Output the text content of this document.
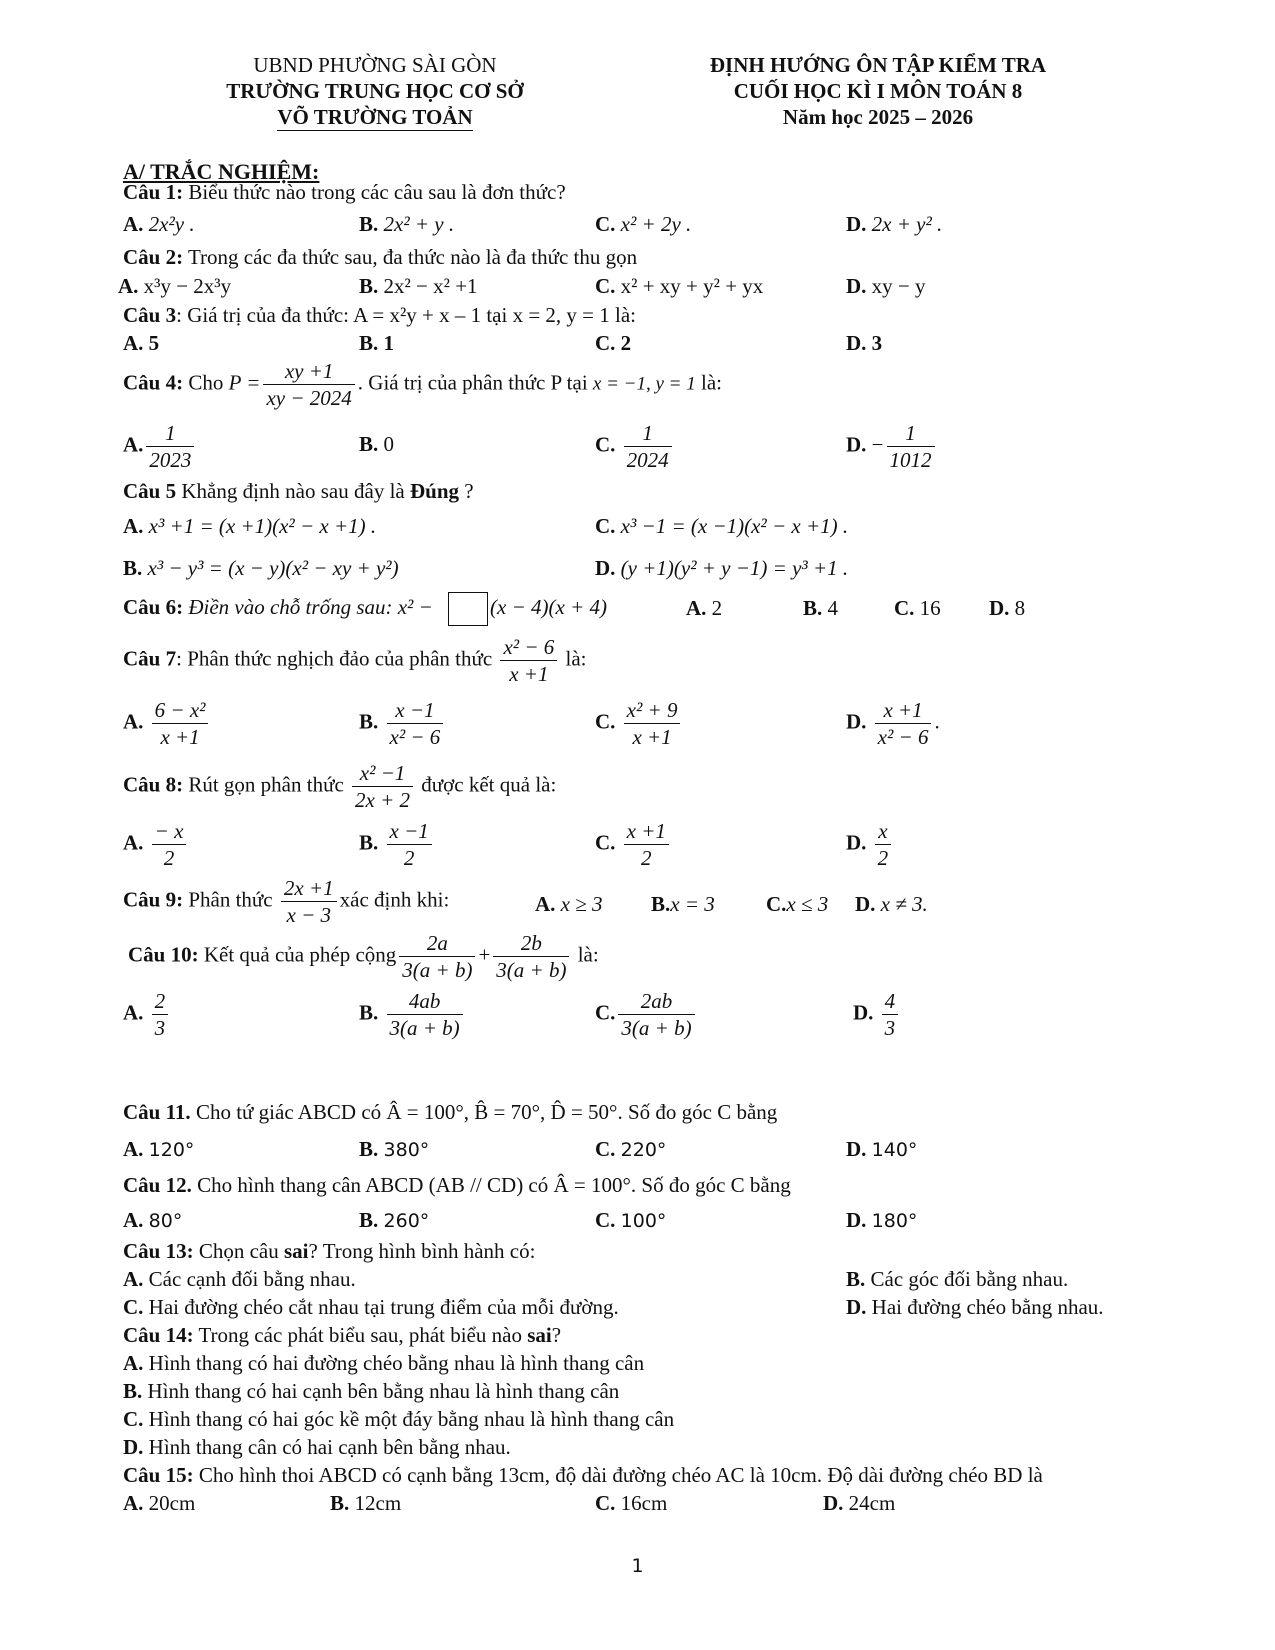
UBND PHƯỜNG SÀI GÒN
TRƯỜNG TRUNG HỌC CƠ SỞ
VÕ TRƯỜNG TOẢN
ĐỊNH HƯỚNG ÔN TẬP KIỂM TRA
CUỐI HỌC KÌ I MÔN TOÁN 8
Năm học 2025 – 2026
A/ TRẮC NGHIỆM:
Câu 1: Biểu thức nào trong các câu sau là đơn thức?
A. 2x²y .	B. 2x² + y .	C. x² + 2y .	D. 2x + y² .
Câu 2: Trong các đa thức sau, đa thức nào là đa thức thu gọn
A. x³y − 2x³y	B. 2x² − x² +1	C. x² + xy + y² + yx	D. xy − y
Câu 3: Giá trị của đa thức: A = x²y + x – 1 tại x = 2, y = 1 là:
A. 5	B. 1	C. 2	D. 3
Câu 4: Cho $P = \frac{xy +1}{xy - 2024}$ . Giá trị của phân thức P tại x = −1, y = 1 là:
A. $\frac{1}{2023}$	B. 0	C. $\frac{1}{2024}$	D. − $\frac{1}{1012}$
Câu 5 Khẳng định nào sau đây là Đúng ?
A. x³ +1 = (x +1)(x² − x +1) .	C. x³ −1 = (x −1)(x² − x +1) .
B. x³ − y³ = (x − y)(x² − xy + y²)	D. (y +1)(y² + y −1) = y³ +1 .
Câu 6: Điền vào chỗ trống sau: x² − (x − 4)(x + 4)	A. 2	B. 4	C. 16 D. 8
Câu 7: Phân thức nghịch đảo của phân thức $\frac{\text{x² − 6}}{x +1}$ là:
A. $\frac{\text{6 − x²}}{x +1}$	B. $\frac{x -1}{\text{x² − 6}}$	C. $\frac{\text{x² + 9}}{x +1}$	D. $\frac{x +1}{\text{x² − 6}}$ .
Câu 8: Rút gọn phân thức $\frac{\text{x² −1}}{2x + 2}$ được kết quả là:
A. $\frac{- x}{2}$	B. $\frac{x -1}{2}$	C. $\frac{x +1}{2}$	D. $\frac{x}{2}$
Câu 9: Phân thức $\frac{2x +1}{x - 3}$ xác định khi:	A. x ≥ 3 B.x = 3 C.x ≤ 3 D. x ≠ 3.
Câu 10: Kết quả của phép cộng $\frac{2a}{3(a + b)} + \frac{2b}{3(a + b)}$ là:
A. $\frac{2}{3}$	B. $\frac{4ab}{3(a + b)}$	C. $\frac{2ab}{3(a + b)}$	D. $\frac{4}{3}$
Câu 11. Cho tứ giác ABCD có Â = 100°, B̂ = 70°, D̂ = 50°. Số đo góc C bằng
A. 120°	B. 380°	C. 220°	D. 140°
Câu 12. Cho hình thang cân ABCD (AB // CD) có Â = 100°. Số đo góc C bằng
A. 80°	B. 260°	C. 100°	D. 180°
Câu 13: Chọn câu sai? Trong hình bình hành có:
A. Các cạnh đối bằng nhau.	B. Các góc đối bằng nhau.
C. Hai đường chéo cắt nhau tại trung điểm của mỗi đường.	D. Hai đường chéo bằng nhau.
Câu 14: Trong các phát biểu sau, phát biểu nào sai?
A. Hình thang có hai đường chéo bằng nhau là hình thang cân
B. Hình thang có hai cạnh bên bằng nhau là hình thang cân
C. Hình thang có hai góc kề một đáy bằng nhau là hình thang cân
D. Hình thang cân có hai cạnh bên bằng nhau.
Câu 15: Cho hình thoi ABCD có cạnh bằng 13cm, độ dài đường chéo AC là 10cm. Độ dài đường chéo BD là
A. 20cm	B. 12cm	C. 16cm	D. 24cm
1
